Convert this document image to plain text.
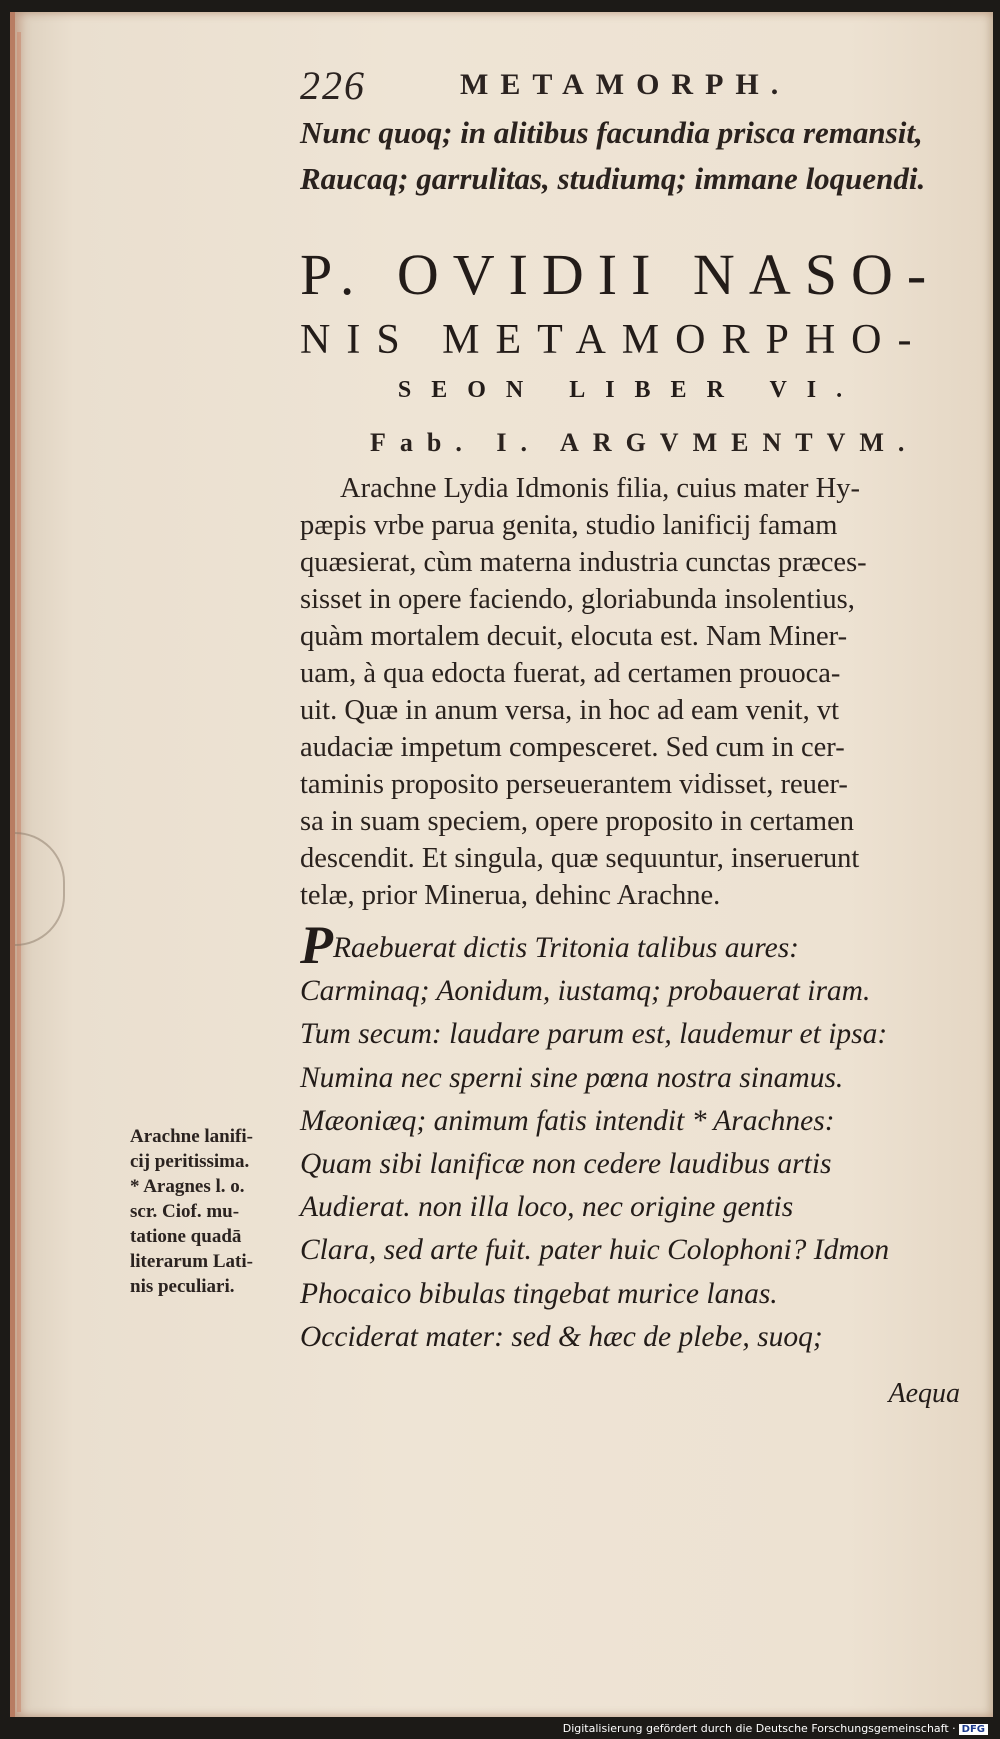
226	METAMORPH.
Nunc quoq; in alitibus facundia prisca remansit,
Raucaq; garrulitas, studiumq; immane loquendi.
P. OVIDII NASO-
NIS METAMORPHO-
SEON LIBER VI.
Fab. I. ARGVMENTVM.
Arachne Lydia Idmonis filia, cuius mater Hy-
pæpis vrbe parua genita, studio lanificij famam
quæsierat, cùm materna industria cunctas præces-
sisset in opere faciendo, gloriabunda insolentius,
quàm mortalem decuit, elocuta est. Nam Miner-
uam, à qua edocta fuerat, ad certamen prouoca-
uit. Quæ in anum versa, in hoc ad eam venit, vt
audaciæ impetum compesceret. Sed cum in cer-
taminis proposito perseuerantem vidisset, reuer-
sa in suam speciem, opere proposito in certamen
descendit. Et singula, quæ sequuntur, inseruerunt
telæ, prior Minerua, dehinc Arachne.
PRaebuerat dictis Tritonia talibus aures:
Carminaq; Aonidum, iustamq; probauerat iram.
Tum secum: laudare parum est, laudemur et ipsa:
Numina nec sperni sine pœna nostra sinamus.
Mæoniæq; animum fatis intendit * Arachnes:
Quam sibi lanificæ non cedere laudibus artis
Audierat. non illa loco, nec origine gentis
Clara, sed arte fuit. pater huic Colophoni? Idmon
Phocaico bibulas tingebat murice lanas.
Occiderat mater: sed & hæc de plebe, suoq;
Aequa
Arachne lanifi-
cij peritissima.
* Aragnes l. o.
scr. Ciof. mu-
tatione quadā
literarum Lati-
nis peculiari.
Digitalisierung gefördert durch die Deutsche Forschungsgemeinschaft · DFG
